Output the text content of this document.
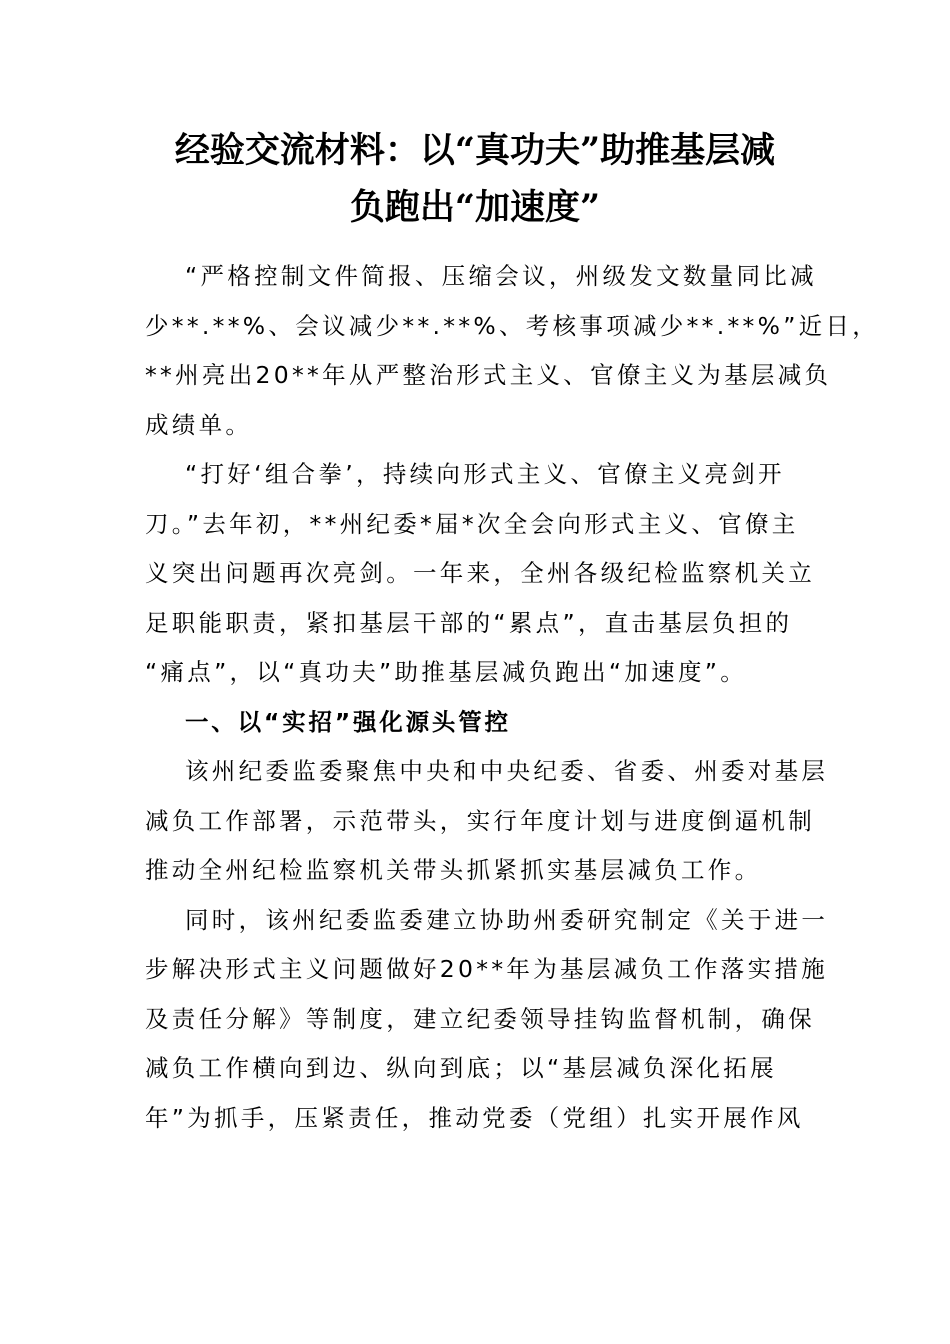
经验交流材料：以“真功夫”助推基层减
负跑出“加速度”
“严格控制文件简报、压缩会议，州级发文数量同比减
少**.**%、会议减少**.**%、考核事项减少**.**%”近日，
**州亮出20**年从严整治形式主义、官僚主义为基层减负
成绩单。
“打好‘组合拳’，持续向形式主义、官僚主义亮剑开
刀。”去年初，**州纪委*届*次全会向形式主义、官僚主
义突出问题再次亮剑。一年来，全州各级纪检监察机关立
足职能职责，紧扣基层干部的“累点”，直击基层负担的
“痛点”，以“真功夫”助推基层减负跑出“加速度”。
一、以“实招”强化源头管控
该州纪委监委聚焦中央和中央纪委、省委、州委对基层
减负工作部署，示范带头，实行年度计划与进度倒逼机制
推动全州纪检监察机关带头抓紧抓实基层减负工作。
同时，该州纪委监委建立协助州委研究制定《关于进一
步解决形式主义问题做好20**年为基层减负工作落实措施
及责任分解》等制度，建立纪委领导挂钩监督机制，确保
减负工作横向到边、纵向到底；以“基层减负深化拓展
年”为抓手，压紧责任，推动党委（党组）扎实开展作风
